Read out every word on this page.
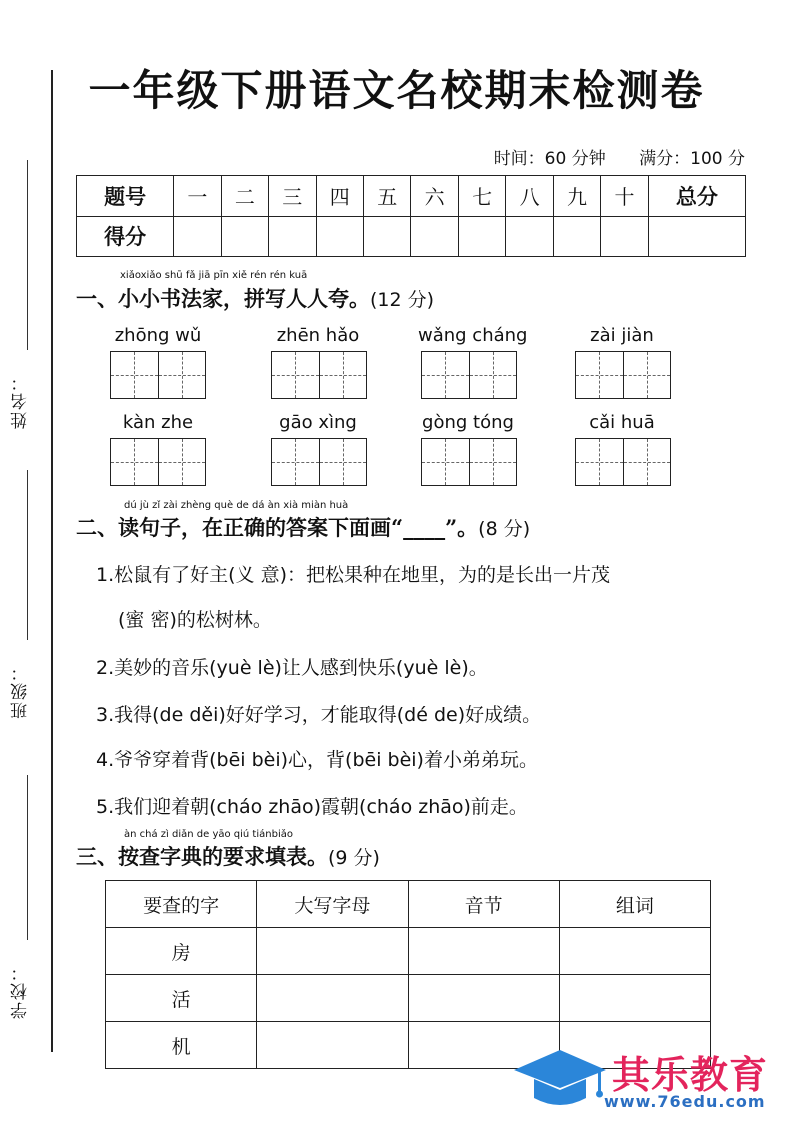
姓名：
班级：
学校：
一年级下册语文名校期末检测卷
时间：60 分钟 满分：100 分
题号	一	二	三	四	五	六	七	八	九	十	总分
得分											
xiǎoxiǎo shū fǎ jiā pīn xiě rén rén kuā
一、小小书法家，拼写人人夸。(12 分)
zhōng wǔ	zhēn hǎo	wǎng cháng	zài jiàn
kàn zhe	gāo xìng	gòng tóng	cǎi huā
dú jù zǐ zài zhèng què de dá àn xià miàn huà
二、读句子，在正确的答案下面画“____”。(8 分)
1.松鼠有了好主(义 意)：把松果种在地里，为的是长出一片茂
(蜜 密)的松树林。
2.美妙的音乐(yuè lè)让人感到快乐(yuè lè)。
3.我得(de děi)好好学习，才能取得(dé de)好成绩。
4.爷爷穿着背(bēi bèi)心，背(bēi bèi)着小弟弟玩。
5.我们迎着朝(cháo zhāo)霞朝(cháo zhāo)前走。
àn chá zì diǎn de yāo qiú tiánbiǎo
三、按查字典的要求填表。(9 分)
要查的字	大写字母	音节	组词
房			
活			
机			
其乐教育
www.76edu.com
